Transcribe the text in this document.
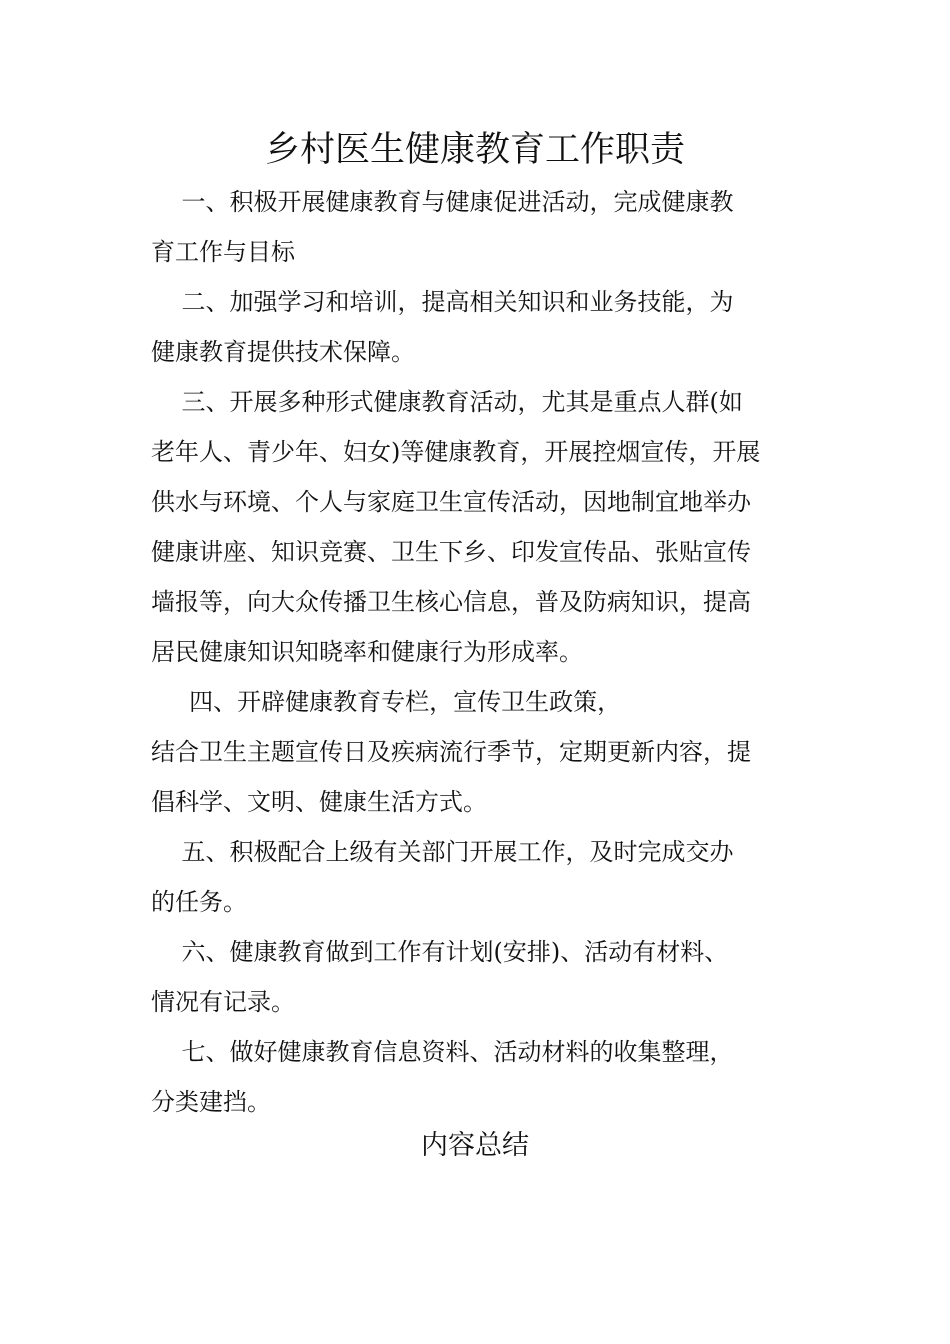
乡村医生健康教育工作职责
一、积极开展健康教育与健康促进活动，完成健康教
育工作与目标
二、加强学习和培训，提高相关知识和业务技能，为
健康教育提供技术保障。
三、开展多种形式健康教育活动，尤其是重点人群(如
老年人、青少年、妇女)等健康教育，开展控烟宣传，开展
供水与环境、个人与家庭卫生宣传活动，因地制宜地举办
健康讲座、知识竞赛、卫生下乡、印发宣传品、张贴宣传
墙报等，向大众传播卫生核心信息，普及防病知识，提高
居民健康知识知晓率和健康行为形成率。
四、开辟健康教育专栏，宣传卫生政策，
结合卫生主题宣传日及疾病流行季节，定期更新内容，提
倡科学、文明、健康生活方式。
五、积极配合上级有关部门开展工作，及时完成交办
的任务。
六、健康教育做到工作有计划(安排)、活动有材料、
情况有记录。
七、做好健康教育信息资料、活动材料的收集整理，
分类建挡。
内容总结
